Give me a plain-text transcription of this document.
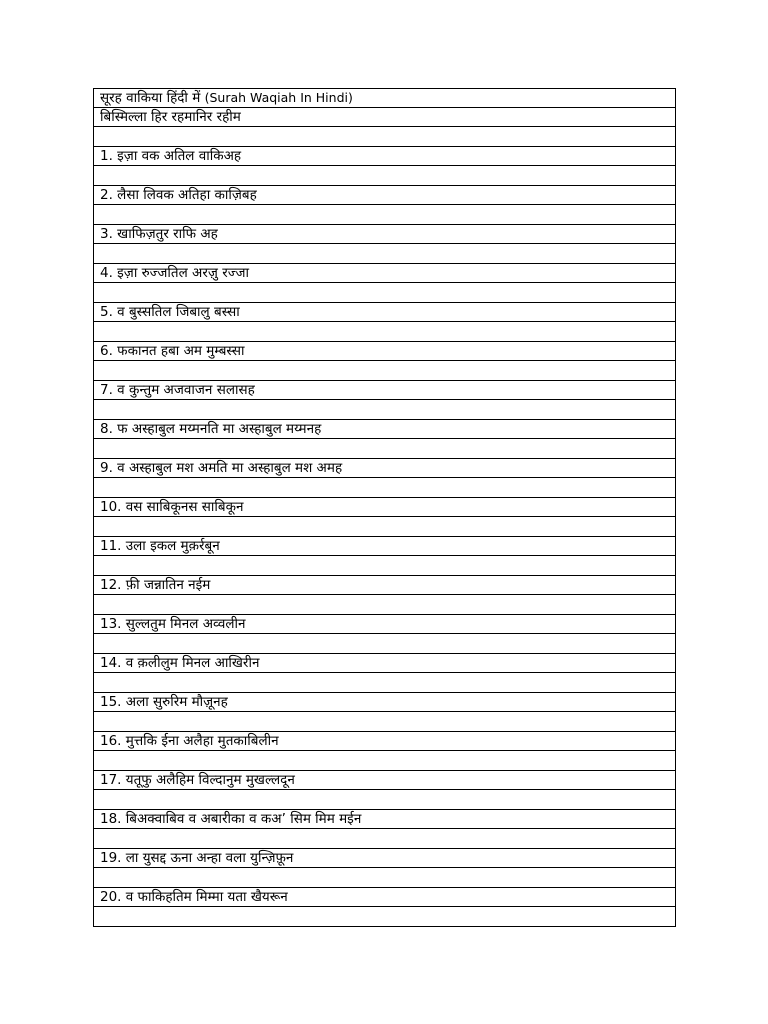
सूरह वाकिया हिंदी में (Surah Waqiah In Hindi)
बिस्मिल्ला हिर रहमानिर रहीम
1. इज़ा वक अतिल वाकिअह
2. लैसा लिवक अतिहा काज़िबह
3. खाफिज़तुर राफि अह
4. इज़ा रुज्जतिल अरज़ु रज्जा
5. व बुस्सतिल जिबालु बस्सा
6. फकानत हबा अम मुम्बस्सा
7. व कुन्तुम अजवाजन सलासह
8. फ अस्हाबुल मय्मनति मा अस्हाबुल मय्मनह
9. व अस्हाबुल मश अमति मा अस्हाबुल मश अमह
10. वस साबिकूनस साबिकून
11. उला इकल मुक़र्रबून
12. फ़ी जन्नातिन नईम
13. सुल्लतुम मिनल अव्वलीन
14. व क़लीलुम मिनल आखिरीन
15. अला सुरुरिम मौज़ूनह
16. मुत्तकि ईना अलैहा मुतकाबिलीन
17. यतूफु अलैहिम विल्दानुम मुखल्लदून
18. बिअक्वाबिव व अबारीका व कअ’ सिम मिम मईन
19. ला युसद्द ऊना अन्हा वला युन्ज़िफ़ून
20. व फाकिहतिम मिम्मा यता खैयरून
